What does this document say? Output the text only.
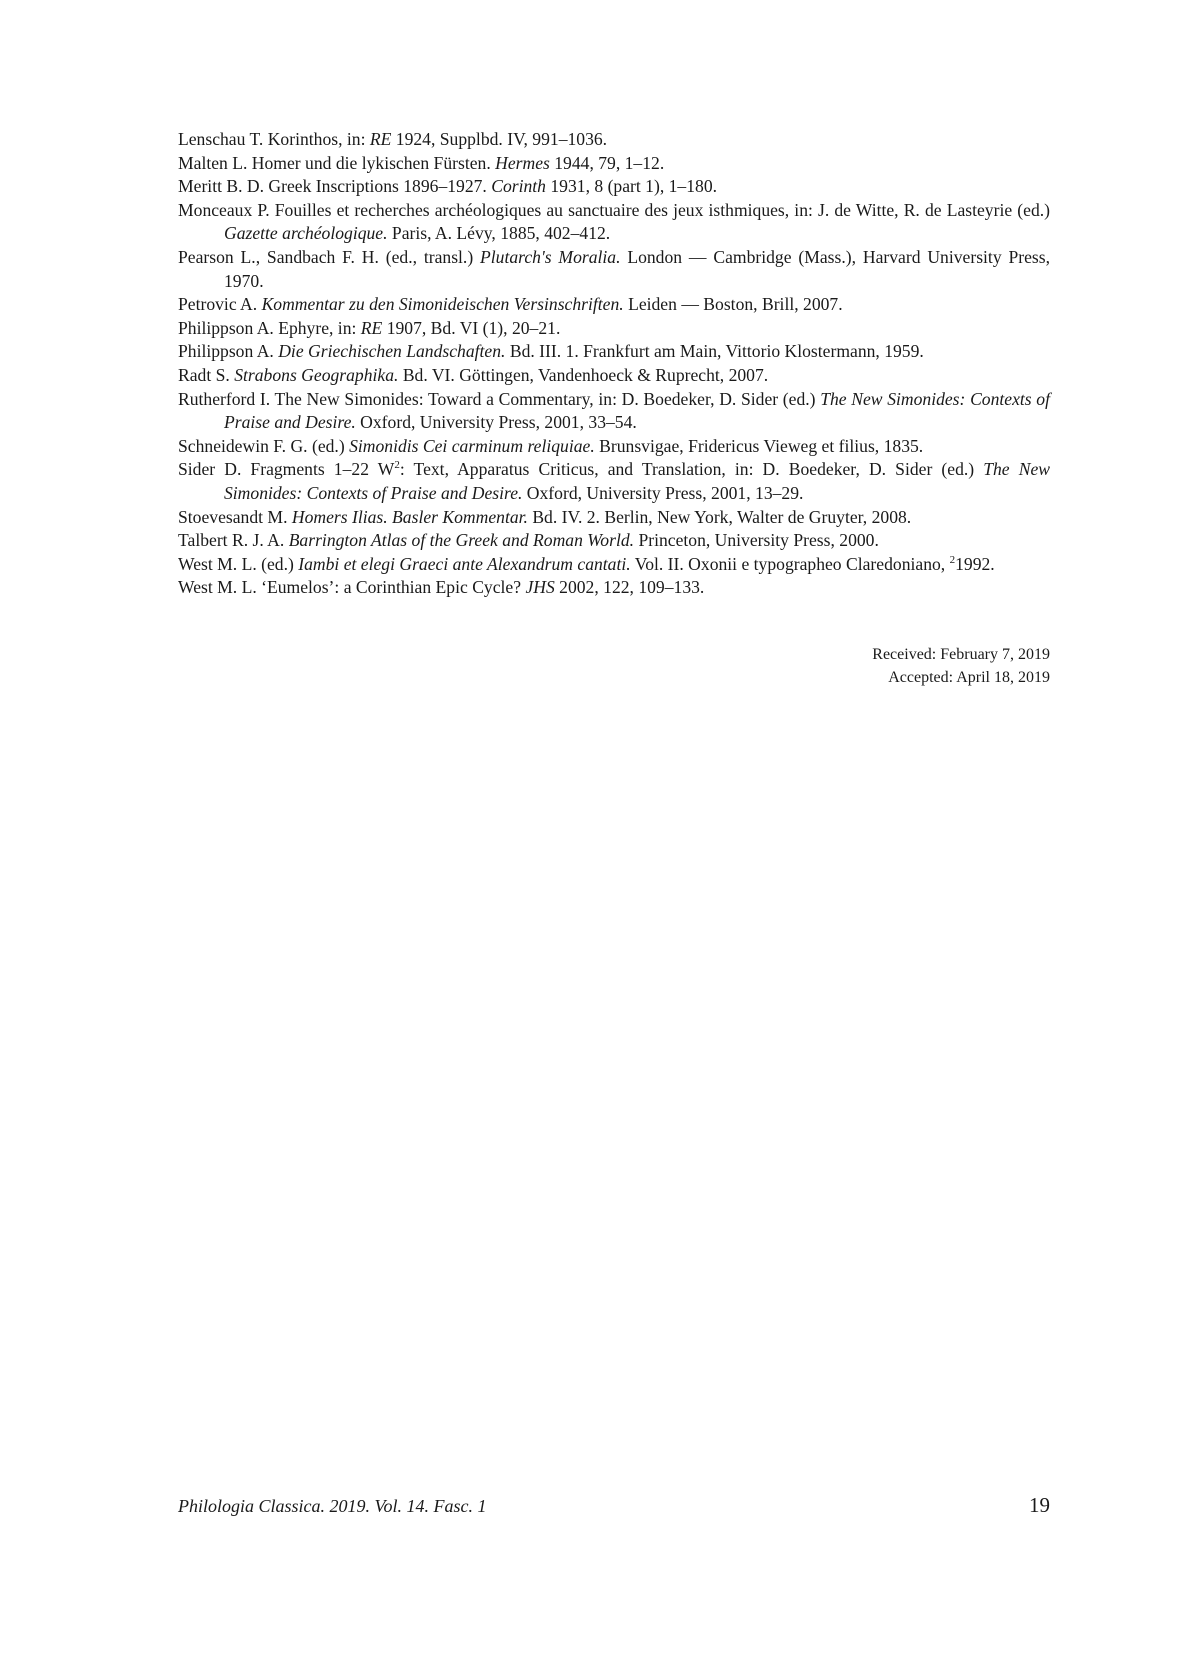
Lenschau T. Korinthos, in: RE 1924, Supplbd. IV, 991–1036.

Malten L. Homer und die lykischen Fürsten. Hermes 1944, 79, 1–12.

Meritt B. D. Greek Inscriptions 1896–1927. Corinth 1931, 8 (part 1), 1–180.

Monceaux P. Fouilles et recherches archéologiques au sanctuaire des jeux isthmiques, in: J. de Witte, R. de Lasteyrie (ed.) Gazette archéologique. Paris, A. Lévy, 1885, 402–412.

Pearson L., Sandbach F. H. (ed., transl.) Plutarch's Moralia. London — Cambridge (Mass.), Harvard University Press, 1970.

Petrovic A. Kommentar zu den Simonideischen Versinschriften. Leiden — Boston, Brill, 2007.

Philippson A. Ephyre, in: RE 1907, Bd. VI (1), 20–21.

Philippson A. Die Griechischen Landschaften. Bd. III. 1. Frankfurt am Main, Vittorio Klostermann, 1959.

Radt S. Strabons Geographika. Bd. VI. Göttingen, Vandenhoeck & Ruprecht, 2007.

Rutherford I. The New Simonides: Toward a Commentary, in: D. Boedeker, D. Sider (ed.) The New Simonides: Contexts of Praise and Desire. Oxford, University Press, 2001, 33–54.

Schneidewin F. G. (ed.) Simonidis Cei carminum reliquiae. Brunsvigae, Fridericus Vieweg et filius, 1835.

Sider D. Fragments 1–22 $W^2$: Text, Apparatus Criticus, and Translation, in: D. Boedeker, D. Sider (ed.) The New Simonides: Contexts of Praise and Desire. Oxford, University Press, 2001, 13–29.

Stoevesandt M. Homers Ilias. Basler Kommentar. Bd. IV. 2. Berlin, New York, Walter de Gruyter, 2008.

Talbert R. J. A. Barrington Atlas of the Greek and Roman World. Princeton, University Press, 2000.

West M. L. (ed.) Iambi et elegi Graeci ante Alexandrum cantati. Vol. II. Oxonii e typographeo Claredoniano, $^2$1992.

West M. L. ‘Eumelos’: a Corinthian Epic Cycle? JHS 2002, 122, 109–133.

Received: February 7, 2019
Accepted: April 18, 2019
Philologia Classica. 2019. Vol. 14. Fasc. 1	19
